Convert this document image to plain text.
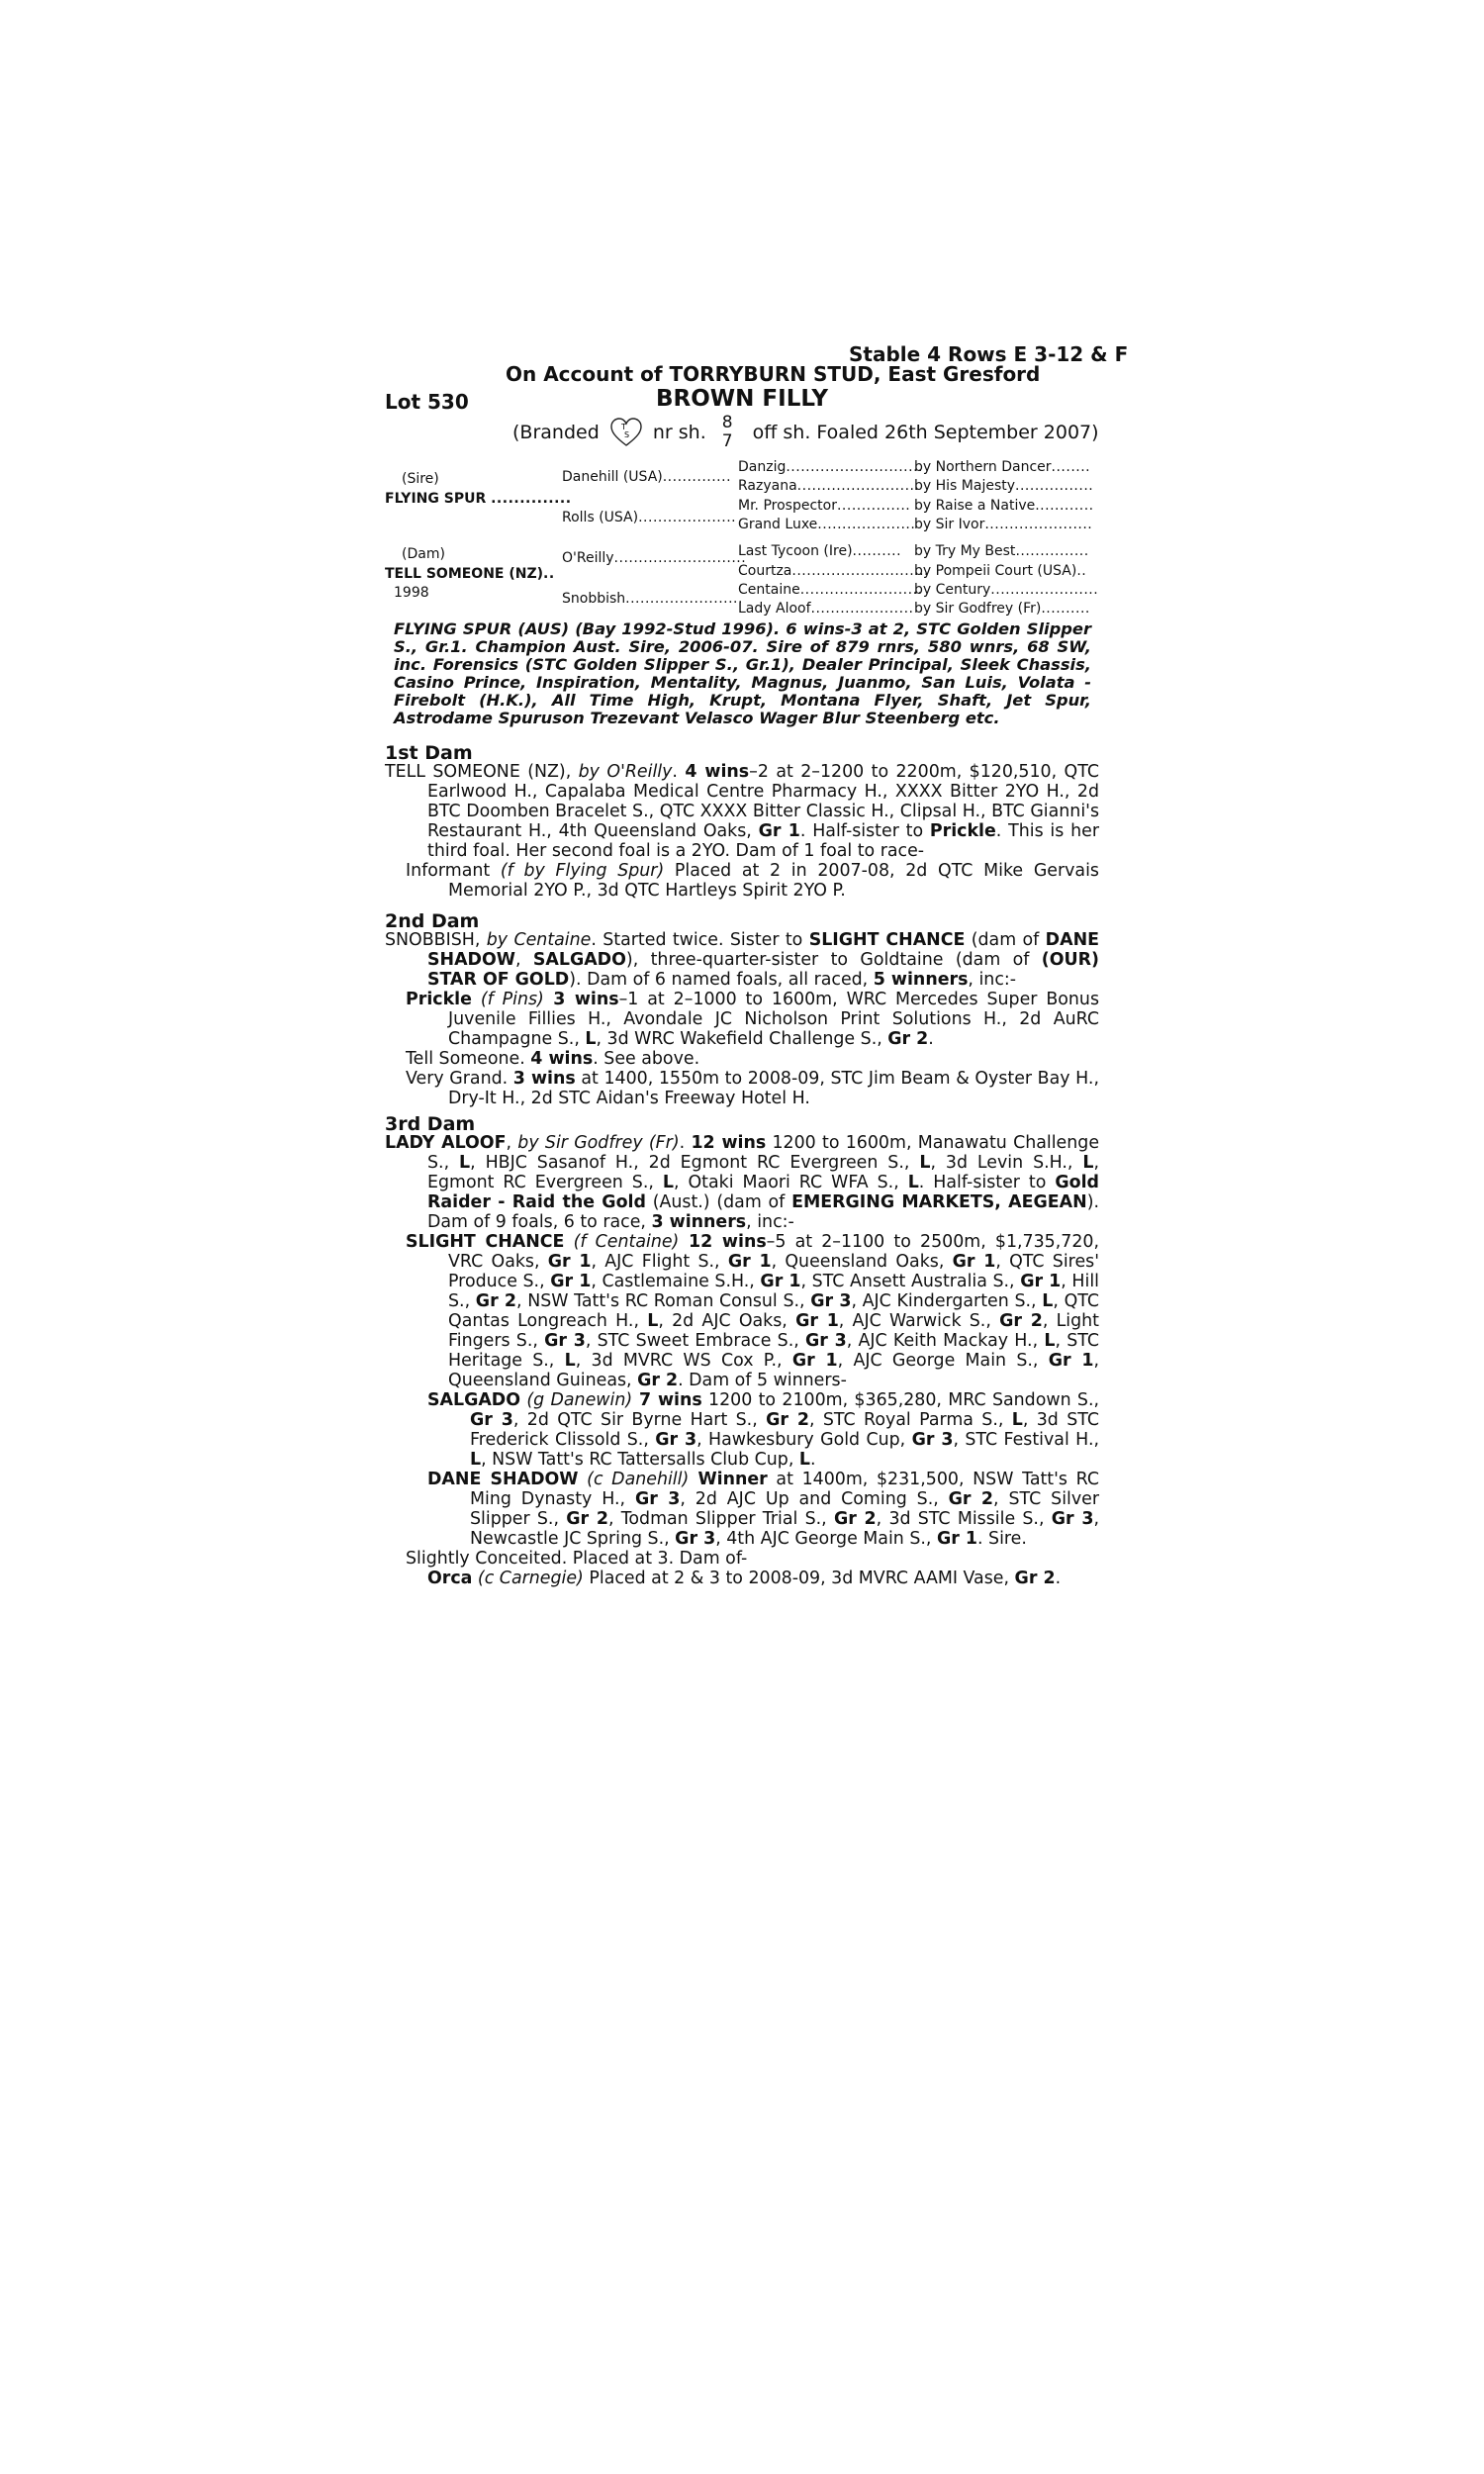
Stable 4 Rows E 3-12 & F
On Account of TORRYBURN STUD, East Gresford
Lot 530	BROWN FILLY
(Branded	T
S nr sh. 8
7 off sh. Foaled 26th September 2007)
(Sire)
FLYING SPUR ..............
(Dam)
TELL SOMEONE (NZ)..
1998
Danehill (USA)..............
Rolls (USA)....................
O'Reilly...........................
Snobbish........................
Danzig............................
Razyana.........................
Mr. Prospector...............
Grand Luxe....................
Last Tycoon (Ire)..........
Courtza............................
Centaine.........................
Lady Aloof.....................
by Northern Dancer........
by His Majesty................
by Raise a Native............
by Sir Ivor......................
by Try My Best...............
by Pompeii Court (USA)..
by Century......................
by Sir Godfrey (Fr)..........
FLYING SPUR (AUS) (Bay 1992-Stud 1996). 6 wins-3 at 2, STC Golden Slipper S., Gr.1. Champion Aust. Sire, 2006-07. Sire of 879 rnrs, 580 wnrs, 68 SW, inc. Forensics (STC Golden Slipper S., Gr.1), Dealer Principal, Sleek Chassis, Casino Prince, Inspiration, Mentality, Magnus, Juanmo, San Luis, Volata - Firebolt (H.K.), All Time High, Krupt, Montana Flyer, Shaft, Jet Spur, Astrodame Spuruson Trezevant Velasco Wager Blur Steenberg etc.
1st Dam

TELL SOMEONE (NZ), by O'Reilly. 4 wins–2 at 2–1200 to 2200m, $120,510, QTC Earlwood H., Capalaba Medical Centre Pharmacy H., XXXX Bitter 2YO H., 2d BTC Doomben Bracelet S., QTC XXXX Bitter Classic H., Clipsal H., BTC Gianni's Restaurant H., 4th Queensland Oaks, Gr 1. Half-sister to Prickle. This is her third foal. Her second foal is a 2YO. Dam of 1 foal to race-

Informant (f by Flying Spur) Placed at 2 in 2007-08, 2d QTC Mike Gervais Memorial 2YO P., 3d QTC Hartleys Spirit 2YO P.

2nd Dam

SNOBBISH, by Centaine. Started twice. Sister to SLIGHT CHANCE (dam of DANE SHADOW, SALGADO), three-quarter-sister to Goldtaine (dam of (OUR) STAR OF GOLD). Dam of 6 named foals, all raced, 5 winners, inc:-

Prickle (f Pins) 3 wins–1 at 2–1000 to 1600m, WRC Mercedes Super Bonus Juvenile Fillies H., Avondale JC Nicholson Print Solutions H., 2d AuRC Champagne S., L, 3d WRC Wakefield Challenge S., Gr 2.

Tell Someone. 4 wins. See above.

Very Grand. 3 wins at 1400, 1550m to 2008-09, STC Jim Beam & Oyster Bay H., Dry-It H., 2d STC Aidan's Freeway Hotel H.

3rd Dam

LADY ALOOF, by Sir Godfrey (Fr). 12 wins 1200 to 1600m, Manawatu Challenge S., L, HBJC Sasanof H., 2d Egmont RC Evergreen S., L, 3d Levin S.H., L, Egmont RC Evergreen S., L, Otaki Maori RC WFA S., L. Half-sister to Gold Raider - Raid the Gold (Aust.) (dam of EMERGING MARKETS, AEGEAN). Dam of 9 foals, 6 to race, 3 winners, inc:-

SLIGHT CHANCE (f Centaine) 12 wins–5 at 2–1100 to 2500m, $1,735,720, VRC Oaks, Gr 1, AJC Flight S., Gr 1, Queensland Oaks, Gr 1, QTC Sires' Produce S., Gr 1, Castlemaine S.H., Gr 1, STC Ansett Australia S., Gr 1, Hill S., Gr 2, NSW Tatt's RC Roman Consul S., Gr 3, AJC Kindergarten S., L, QTC Qantas Longreach H., L, 2d AJC Oaks, Gr 1, AJC Warwick S., Gr 2, Light Fingers S., Gr 3, STC Sweet Embrace S., Gr 3, AJC Keith Mackay H., L, STC Heritage S., L, 3d MVRC WS Cox P., Gr 1, AJC George Main S., Gr 1, Queensland Guineas, Gr 2. Dam of 5 winners-

SALGADO (g Danewin) 7 wins 1200 to 2100m, $365,280, MRC Sandown S., Gr 3, 2d QTC Sir Byrne Hart S., Gr 2, STC Royal Parma S., L, 3d STC Frederick Clissold S., Gr 3, Hawkesbury Gold Cup, Gr 3, STC Festival H., L, NSW Tatt's RC Tattersalls Club Cup, L.

DANE SHADOW (c Danehill) Winner at 1400m, $231,500, NSW Tatt's RC Ming Dynasty H., Gr 3, 2d AJC Up and Coming S., Gr 2, STC Silver Slipper S., Gr 2, Todman Slipper Trial S., Gr 2, 3d STC Missile S., Gr 3, Newcastle JC Spring S., Gr 3, 4th AJC George Main S., Gr 1. Sire.

Slightly Conceited. Placed at 3. Dam of-

Orca (c Carnegie) Placed at 2 & 3 to 2008-09, 3d MVRC AAMI Vase, Gr 2.
